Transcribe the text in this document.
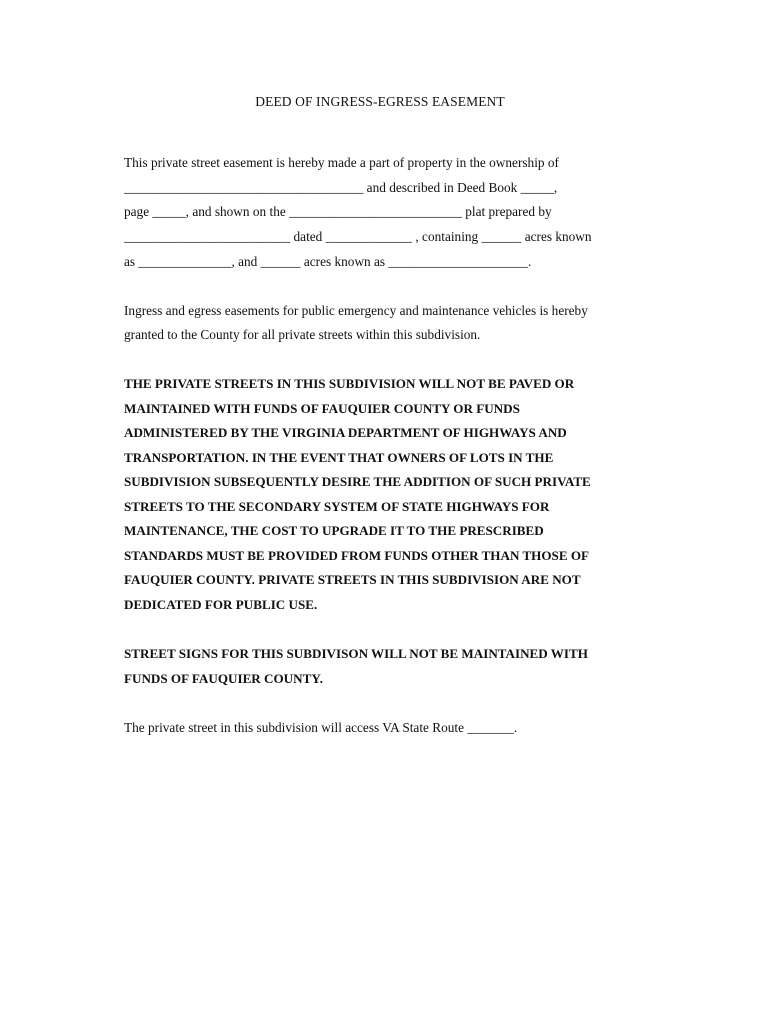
DEED OF INGRESS-EGRESS EASEMENT
This private street easement is hereby made a part of property in the ownership of
____________________________________ and described in Deed Book _____,
page _____, and shown on the __________________________ plat prepared by
_________________________ dated _____________ , containing ______ acres known
as ______________, and ______ acres known as _____________________.
Ingress and egress easements for public emergency and maintenance vehicles is hereby
granted to the County for all private streets within this subdivision.
THE PRIVATE STREETS IN THIS SUBDIVISION WILL NOT BE PAVED OR
MAINTAINED WITH FUNDS OF FAUQUIER COUNTY OR FUNDS
ADMINISTERED BY THE VIRGINIA DEPARTMENT OF HIGHWAYS AND
TRANSPORTATION. IN THE EVENT THAT OWNERS OF LOTS IN THE
SUBDIVISION SUBSEQUENTLY DESIRE THE ADDITION OF SUCH PRIVATE
STREETS TO THE SECONDARY SYSTEM OF STATE HIGHWAYS FOR
MAINTENANCE, THE COST TO UPGRADE IT TO THE PRESCRIBED
STANDARDS MUST BE PROVIDED FROM FUNDS OTHER THAN THOSE OF
FAUQUIER COUNTY. PRIVATE STREETS IN THIS SUBDIVISION ARE NOT
DEDICATED FOR PUBLIC USE.
STREET SIGNS FOR THIS SUBDIVISON WILL NOT BE MAINTAINED WITH
FUNDS OF FAUQUIER COUNTY.
The private street in this subdivision will access VA State Route _______.
